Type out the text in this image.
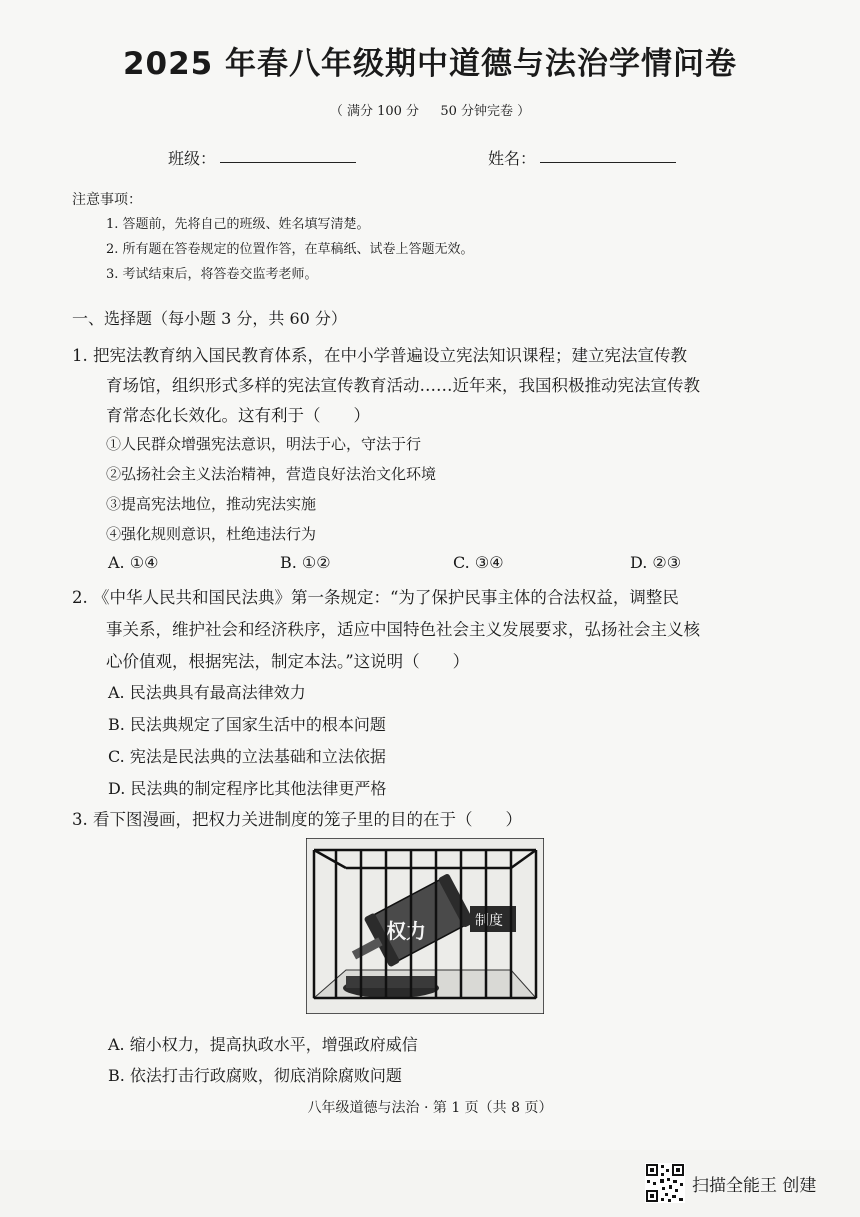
2025 年春八年级期中道德与法治学情问卷
（ 满分 100 分 　 50 分钟完卷 ）
班级：	姓名：
注意事项：
1. 答题前，先将自己的班级、姓名填写清楚。
2. 所有题在答卷规定的位置作答，在草稿纸、试卷上答题无效。
3. 考试结束后，将答卷交监考老师。
一、选择题（每小题 3 分，共 60 分）
1. 把宪法教育纳入国民教育体系，在中小学普遍设立宪法知识课程；建立宪法宣传教
育场馆，组织形式多样的宪法宣传教育活动……近年来，我国积极推动宪法宣传教
育常态化长效化。这有利于（　　）
①人民群众增强宪法意识，明法于心，守法于行
②弘扬社会主义法治精神，营造良好法治文化环境
③提高宪法地位，推动宪法实施
④强化规则意识，杜绝违法行为
A. ①④	B. ①②	C. ③④	D. ②③
2. 《中华人民共和国民法典》第一条规定：“为了保护民事主体的合法权益，调整民
事关系，维护社会和经济秩序，适应中国特色社会主义发展要求，弘扬社会主义核
心价值观，根据宪法，制定本法。”这说明（　　）
A. 民法典具有最高法律效力
B. 民法典规定了国家生活中的根本问题
C. 宪法是民法典的立法基础和立法依据
D. 民法典的制定程序比其他法律更严格
3. 看下图漫画，把权力关进制度的笼子里的目的在于（　　）
权力	制度
A. 缩小权力，提高执政水平，增强政府威信
B. 依法打击行政腐败，彻底消除腐败问题
八年级道德与法治 · 第 1 页（共 8 页）
扫描全能王 创建
